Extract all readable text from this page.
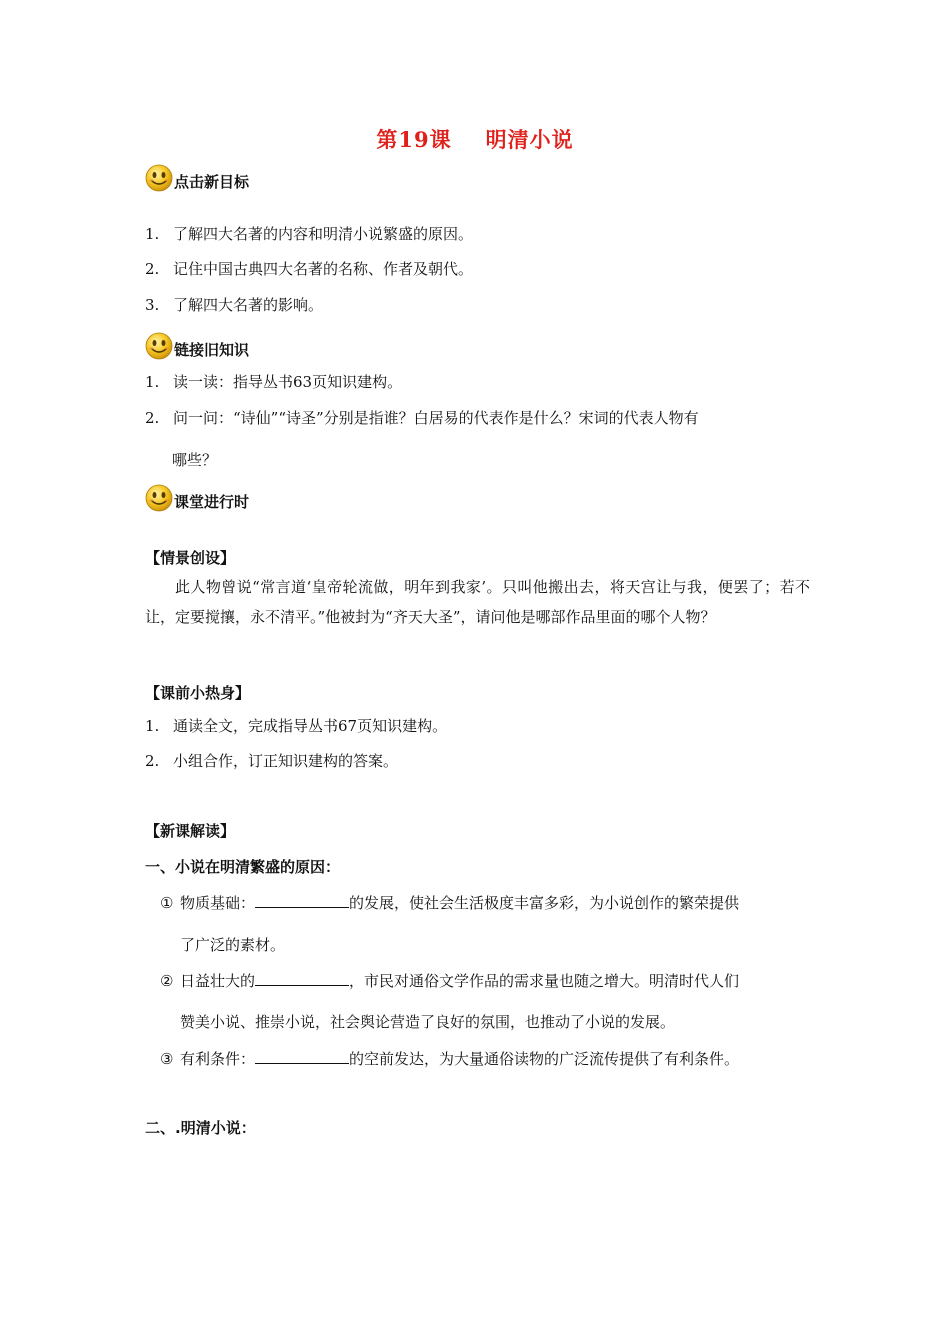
第19课 明清小说
点击新目标
1. 了解四大名著的内容和明清小说繁盛的原因。
2. 记住中国古典四大名著的名称、作者及朝代。
3. 了解四大名著的影响。
链接旧知识
1. 读一读：指导丛书63页知识建构。
2. 问一问：“诗仙”“诗圣”分别是指谁？白居易的代表作是什么？宋词的代表人物有
哪些？
课堂进行时
【情景创设】
此人物曾说“常言道‘皇帝轮流做，明年到我家’。只叫他搬出去，将天宫让与我，便罢了；若不让，定要搅攘，永不清平。”他被封为“齐天大圣”，请问他是哪部作品里面的哪个人物？
【课前小热身】
1. 通读全文，完成指导丛书67页知识建构。
2. 小组合作，订正知识建构的答案。
【新课解读】
一、小说在明清繁盛的原因：
① 物质基础：	的发展，使社会生活极度丰富多彩，为小说创作的繁荣提供
了广泛的素材。
② 日益壮大的	，市民对通俗文学作品的需求量也随之增大。明清时代人们
赞美小说、推崇小说，社会舆论营造了良好的氛围，也推动了小说的发展。
③ 有利条件：	的空前发达，为大量通俗读物的广泛流传提供了有利条件。
二、.明清小说：
